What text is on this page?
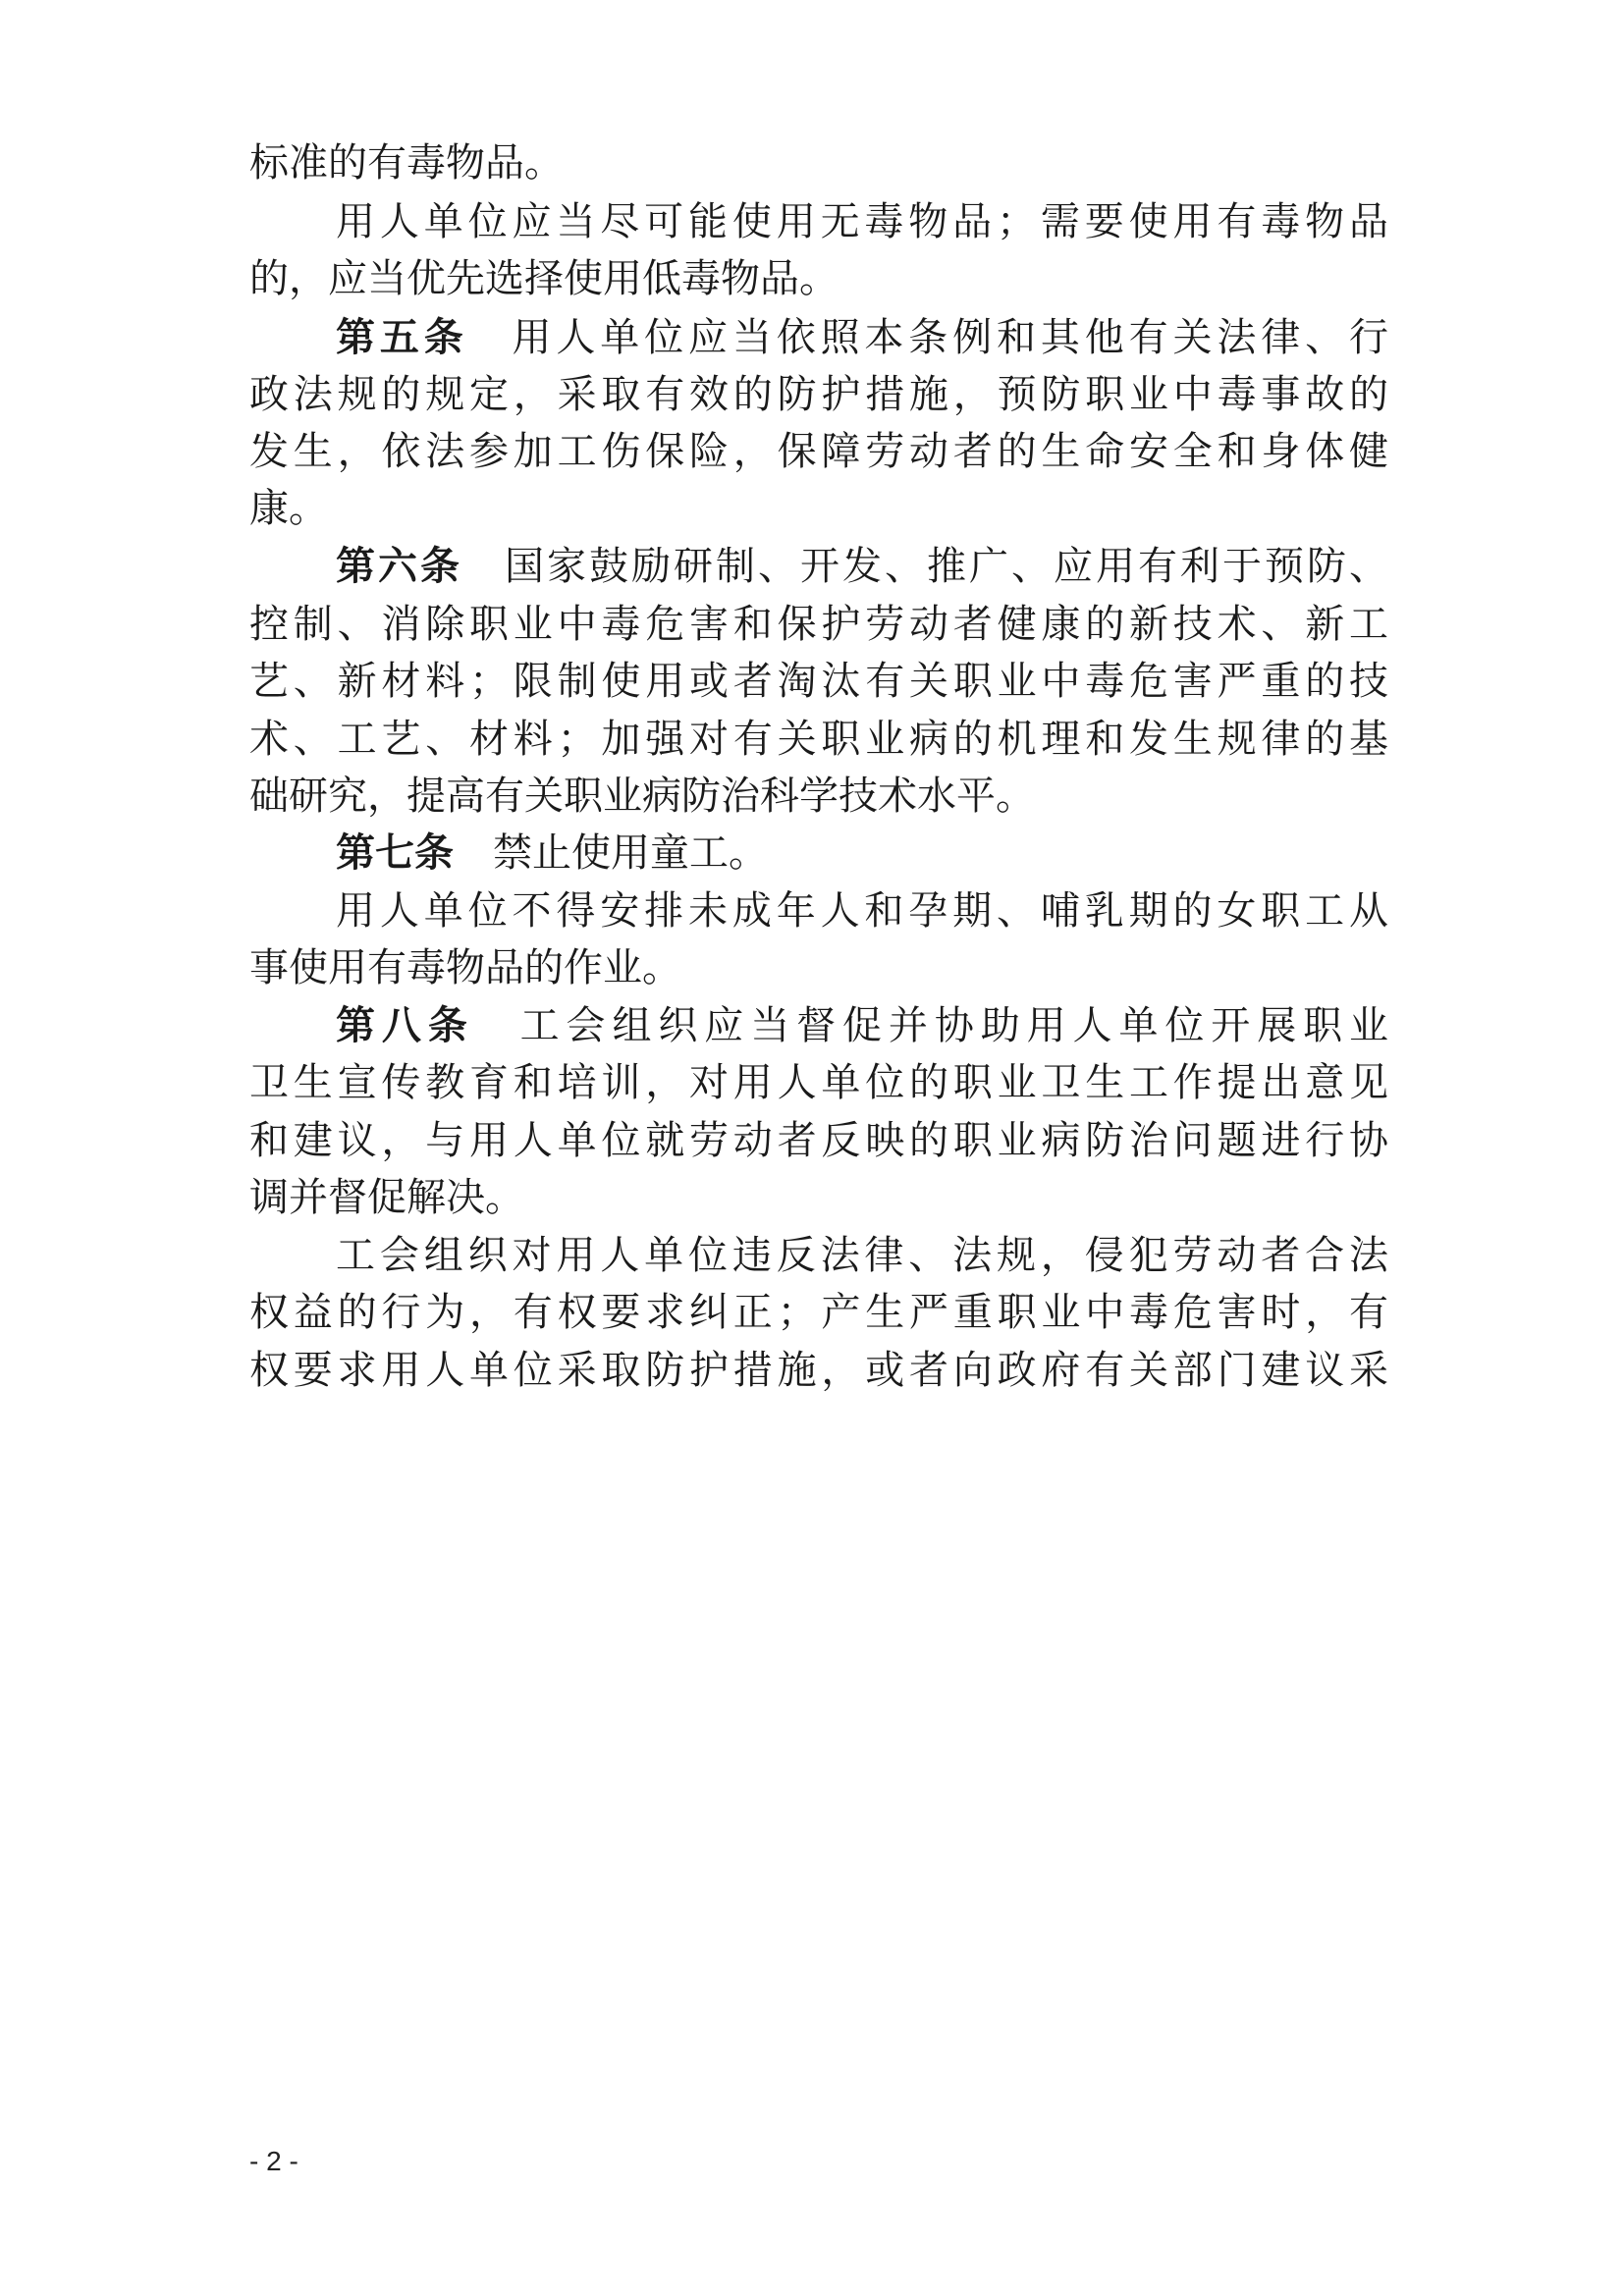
标准的有毒物品。
用人单位应当尽可能使用无毒物品；需要使用有毒物品
的，应当优先选择使用低毒物品。
第五条 用人单位应当依照本条例和其他有关法律、行
政法规的规定，采取有效的防护措施，预防职业中毒事故的
发生，依法参加工伤保险，保障劳动者的生命安全和身体健
康。
第六条 国家鼓励研制、开发、推广、应用有利于预防、
控制、消除职业中毒危害和保护劳动者健康的新技术、新工
艺、新材料；限制使用或者淘汰有关职业中毒危害严重的技
术、工艺、材料；加强对有关职业病的机理和发生规律的基
础研究，提高有关职业病防治科学技术水平。
第七条 禁止使用童工。
用人单位不得安排未成年人和孕期、哺乳期的女职工从
事使用有毒物品的作业。
第八条 工会组织应当督促并协助用人单位开展职业
卫生宣传教育和培训，对用人单位的职业卫生工作提出意见
和建议，与用人单位就劳动者反映的职业病防治问题进行协
调并督促解决。
工会组织对用人单位违反法律、法规，侵犯劳动者合法
权益的行为，有权要求纠正；产生严重职业中毒危害时，有
权要求用人单位采取防护措施，或者向政府有关部门建议采
- 2 -
